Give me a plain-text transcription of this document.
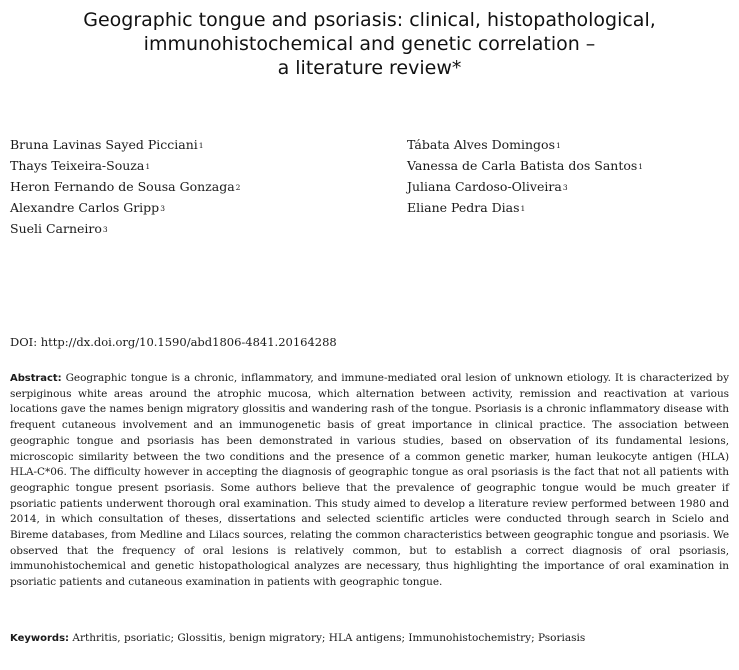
Geographic tongue and psoriasis: clinical, histopathological,
immunohistochemical and genetic correlation –
a literature review*
Bruna Lavinas Sayed Picciani$^1$
Thays Teixeira-Souza$^1$
Heron Fernando de Sousa Gonzaga$^2$
Alexandre Carlos Gripp$^3$
Sueli Carneiro$^3$
Tábata Alves Domingos$^1$
Vanessa de Carla Batista dos Santos$^1$
Juliana Cardoso-Oliveira$^3$
Eliane Pedra Dias$^1$
DOI: http://dx.doi.org/10.1590/abd1806-4841.20164288
Abstract: Geographic tongue is a chronic, inflammatory, and immune-mediated oral lesion of unknown etiology. It is characterized by serpiginous white areas around the atrophic mucosa, which alternation between activity, remission and reactivation at various locations gave the names benign migratory glossitis and wandering rash of the tongue. Psoriasis is a chronic inflammatory disease with frequent cutaneous involvement and an immunogenetic basis of great importance in clinical practice. The association between geographic tongue and psoriasis has been demonstrated in various studies, based on observation of its fundamental lesions, microscopic similarity between the two conditions and the presence of a common genetic marker, human leukocyte antigen (HLA) HLA-C*06. The difficulty however in accepting the diagnosis of geographic tongue as oral psoriasis is the fact that not all patients with geographic tongue present psoriasis. Some authors believe that the prevalence of geographic tongue would be much greater if psoriatic patients underwent thorough oral examination. This study aimed to develop a literature review performed between 1980 and 2014, in which consultation of theses, dissertations and selected scientific articles were conducted through search in Scielo and Bireme databases, from Medline and Lilacs sources, relating the common characteristics between geographic tongue and psoriasis. We observed that the frequency of oral lesions is relatively common, but to establish a correct diagnosis of oral psoriasis, immunohistochemical and genetic histopathological analyzes are necessary, thus highlighting the importance of oral examination in psoriatic patients and cutaneous examination in patients with geographic tongue.
Keywords: Arthritis, psoriatic; Glossitis, benign migratory; HLA antigens; Immunohistochemistry; Psoriasis
